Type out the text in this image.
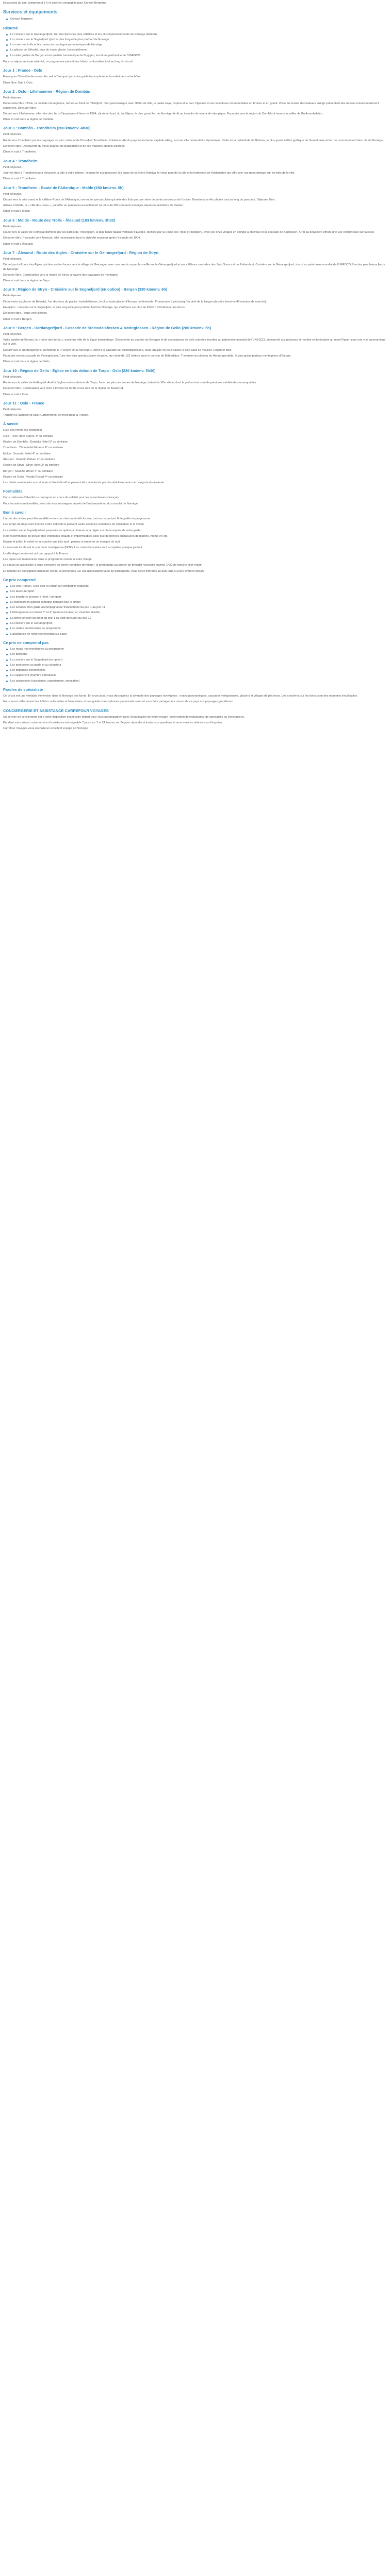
Excursions du jour comprenant 1 h et arrêt en compagnie pour Conwel Bergerne

Services et équipements
Conwel Bergerne
Résumé
Le croisière sur le Geirangerfjord, l'un des fjords les plus célèbres et les plus impressionnants de Norvège (bateau).
La croisière sur le Sognefjord, fjord le plus long et le plus profond de Norvège.
La route des trolls et les routes de montagne panoramiques de Norvège.
Le glacier de Briksdal, bras du vaste glacier Jostedalsbreen.
La visite guidée de Bergen et du quartier hanséatique de Bryggen, inscrit au patrimoine de l'UNESCO.

Pour un séjour en toute sérénité, ce programme prévoit des hôtels confortables tout au long du circuit.

Jour 1 : France - Oslo

Envol pour Oslo (Gardermoen). Accueil à l'aéroport par votre guide francophone et transfert vers votre hôtel.

Dîner libre. Nuit à Oslo.

Jour 2 : Oslo - Lillehammer - Région de Dombås

Petit-déjeuner.

Découverte libre d'Oslo, la capitale norvégienne, nichée au fond de l'Oslofjord. Tour panoramique avec l'hôtel de ville, le palais royal, l'opéra et le parc Vigeland et ses sculptures monumentales en bronze et en granit. Visite du musée des bateaux vikings présentant des navires remarquablement conservés. Déjeuner libre.

Départ vers Lillehammer, ville hôte des Jeux Olympiques d'hiver de 1994, située au bord du lac Mjøsa, le plus grand lac de Norvège. Arrêt au tremplin de saut à ski olympique. Poursuite vers la région de Dombås à travers la vallée de Gudbrandsdalen.

Dîner et nuit dans la région de Dombås.

Jour 3 : Dombås - Trondheim (200 km/env. 4h30)

Petit-déjeuner.

Route vers Trondheim par les paysages du parc national de Dovrefjell. Trondheim, troisième ville du pays et ancienne capitale viking, est une ville universitaire dynamique. Visite de la cathédrale de Nidaros, le plus grand édifice gothique de Scandinavie et lieu de couronnement des rois de Norvège.

Déjeuner libre. Découverte du vieux quartier de Bakklandet et de ses maisons en bois colorées.

Dîner et nuit à Trondheim.

Jour 4 : Trondheim

Petit-déjeuner.

Journée libre à Trondheim pour découvrir la ville à votre rythme : le marché aux poissons, les quais de la rivière Nidelva, le vieux pont de la ville et la forteresse de Kristiansten qui offre une vue panoramique sur les toits de la ville.

Dîner et nuit à Trondheim.

Jour 5 : Trondheim - Route de l'Atlantique - Molde (280 km/env. 5h)

Petit-déjeuner.

Départ vers la côte ouest et la célèbre Route de l'Atlantique, une route spectaculaire qui relie des îlots par une série de ponts au-dessus de l'océan. Nombreux arrêts photos tout au long du parcours. Déjeuner libre.

Arrivée à Molde, la « ville des roses », qui offre un panorama exceptionnel sur plus de 200 sommets enneigés depuis le belvédère de Varden.

Dîner et nuit à Molde.

Jour 6 : Molde - Route des Trolls - Ålesund (193 km/env. 3h30)

Petit-déjeuner.

Route vers la vallée de Romsdal dominée par les parois du Trollveggen, la plus haute falaise verticale d'Europe. Montée par la Route des Trolls (Trollstigen), avec ses onze virages en épingle à cheveux et sa cascade de Stigfossen. Arrêt au belvédère offrant une vue vertigineuse sur la route.

Déjeuner libre. Poursuite vers Ålesund, ville reconstruite dans le style Art nouveau après l'incendie de 1904.

Dîner et nuit à Ålesund.

Jour 7 : Ålesund - Route des Aigles - Croisière sur le Geirangerfjord - Région de Stryn

Petit-déjeuner.

Départ par la Route des Aigles qui descend en lacets vers le village de Geiranger, avec une vue à couper le souffle sur le Geirangerfjord et ses célèbres cascades des Sept Sœurs et du Prétendant. Croisière sur le Geirangerfjord, inscrit au patrimoine mondial de l'UNESCO, l'un des plus beaux fjords de Norvège.

Déjeuner libre. Continuation vers la région de Stryn, à travers des paysages de montagne.

Dîner et nuit dans la région de Stryn.

Jour 8 : Région de Stryn - Croisière sur le Sognefjord (en option) - Bergen (330 km/env. 6h)

Petit-déjeuner.

Découverte du glacier de Briksdal, l'un des bras du glacier Jostedalsbreen, le plus vaste glacier d'Europe continentale. Promenade à pied jusqu'au pied de la langue glaciaire (environ 45 minutes de marche).

En option : croisière sur le Sognefjord, le plus long et le plus profond fjord de Norvège, qui s'enfonce sur plus de 200 km à l'intérieur des terres.

Déjeuner libre. Route vers Bergen.

Dîner et nuit à Bergen.

Jour 9 : Bergen - Hardangerfjord - Cascade de Steinsdalsfossen & Vøringfossen - Région de Geilo (280 km/env. 5h)

Petit-déjeuner.

Visite guidée de Bergen, la « porte des fjords », ancienne ville de la Ligue hanséatique. Découverte du quartier de Bryggen et de ses maisons de bois colorées inscrites au patrimoine mondial de l'UNESCO, du marché aux poissons et montée en funiculaire au mont Fløyen pour une vue panoramique sur la ville.

Départ vers le Hardangerfjord, surnommé le « verger de la Norvège ». Arrêt à la cascade de Steinsdalsfossen, sous laquelle on peut passer à pied sans se mouiller. Déjeuner libre.

Poursuite vers la cascade de Vøringfossen, l'une des plus spectaculaires du pays, qui chute de 182 mètres dans le canyon de Måbødalen. Traversée du plateau du Hardangervidda, le plus grand plateau montagneux d'Europe.

Dîner et nuit dans la région de Geilo.

Jour 10 : Région de Geilo - Église en bois debout de Torpo - Oslo (220 km/env. 3h30)

Petit-déjeuner.

Route vers la vallée de Hallingdal. Arrêt à l'église en bois debout de Torpo, l'une des plus anciennes de Norvège, datant du XIIe siècle, dont le plafond est orné de peintures médiévales remarquables.

Déjeuner libre. Continuation vers Oslo à travers les forêts et les lacs de la région de Buskerud.

Dîner et nuit à Oslo.

Jour 11 : Oslo - France

Petit-déjeuner.

Transfert à l'aéroport d'Oslo (Gardermoen) et envol pour la France.

À savoir

Liste des hôtels (ou similaires) :

Oslo : Thon Hotel Opera 4* ou similaire

Région de Dombås : Dombås Hotel 3* ou similaire

Trondheim : Thon Hotel Nidaros 4* ou similaire

Molde : Scandic Seilet 4* ou similaire

Ålesund : Scandic Parken 4* ou similaire

Région de Stryn : Stryn Hotel 3* ou similaire

Bergen : Scandic Ørnen 4* ou similaire

Région de Geilo : Vestlia Resort 4* ou similaire

Les hôtels mentionnés sont donnés à titre indicatif et peuvent être remplacés par des établissements de catégorie équivalente.

Formalités

Carte nationale d'identité ou passeport en cours de validité pour les ressortissants français.

Pour les autres nationalités, merci de vous renseigner auprès de l'ambassade ou du consulat de Norvège.

Bon à savoir

L'ordre des visites peut être modifié en fonction des impératifs locaux, tout en respectant l'intégralité du programme.

Les temps de trajet sont donnés à titre indicatif et peuvent varier selon les conditions de circulation et la météo.

La croisière sur le Sognefjord est proposée en option, à réserver et à régler sur place auprès de votre guide.

Il est recommandé de prévoir des vêtements chauds et imperméables ainsi que de bonnes chaussures de marche, même en été.

En juin et juillet, le soleil ne se couche que très tard : pensez à emporter un masque de nuit.

La monnaie locale est la couronne norvégienne (NOK). Les cartes bancaires sont acceptées presque partout.

Le décalage horaire est nul par rapport à la France.

Les repas non mentionnés dans le programme restent à votre charge.

Le circuit est accessible à toute personne en bonne condition physique ; la promenade au glacier de Briksdal nécessite environ 1h30 de marche aller-retour.

Le nombre de participants minimum est de 15 personnes. En cas d'annulation faute de participants, vous serez informés au plus tard 21 jours avant le départ.

Ce prix comprend
Les vols France / Oslo aller et retour sur compagnie régulière
Les taxes aéroport
Les transferts aéroport / hôtel / aéroport
Le transport en autocar climatisé pendant tout le circuit
Les services d'un guide-accompagnateur francophone du jour 1 au jour 11
L'hébergement en hôtels 3* et 4* (normes locales) en chambre double
La demi-pension du dîner du jour 1 au petit-déjeuner du jour 11
La croisière sur le Geirangerfjord
Les visites mentionnées au programme
L'assistance de notre représentant sur place
Ce prix ne comprend pas
Les repas non mentionnés au programme
Les boissons
La croisière sur le Sognefjord (en option)
Les pourboires au guide et au chauffeur
Les dépenses personnelles
Le supplément chambre individuelle
Les assurances (assistance, rapatriement, annulation)
Paroles de spécialiste

Ce circuit est une véritable immersion dans la Norvège des fjords. En onze jours, vous découvrirez la diversité des paysages norvégiens : routes panoramiques, cascades vertigineuses, glaciers et villages de pêcheurs. Les croisières sur les fjords sont des moments inoubliables.

Nous avons sélectionné des hôtels confortables et bien situés, et nos guides francophones passionnés sauront vous faire partager leur amour de ce pays aux paysages grandioses.

CONCIERGERIE ET ASSISTANCE CARREFOUR VOYAGES

Un service de conciergerie est à votre disposition avant votre départ pour vous accompagner dans l'organisation de votre voyage : réservation de restaurants, de spectacles ou d'excursions.

Pendant votre séjour, notre service d'assistance est joignable 7 jours sur 7 et 24 heures sur 24 pour répondre à toutes vos questions et vous venir en aide en cas d'imprévu.

Carrefour Voyages vous souhaite un excellent voyage en Norvège !
